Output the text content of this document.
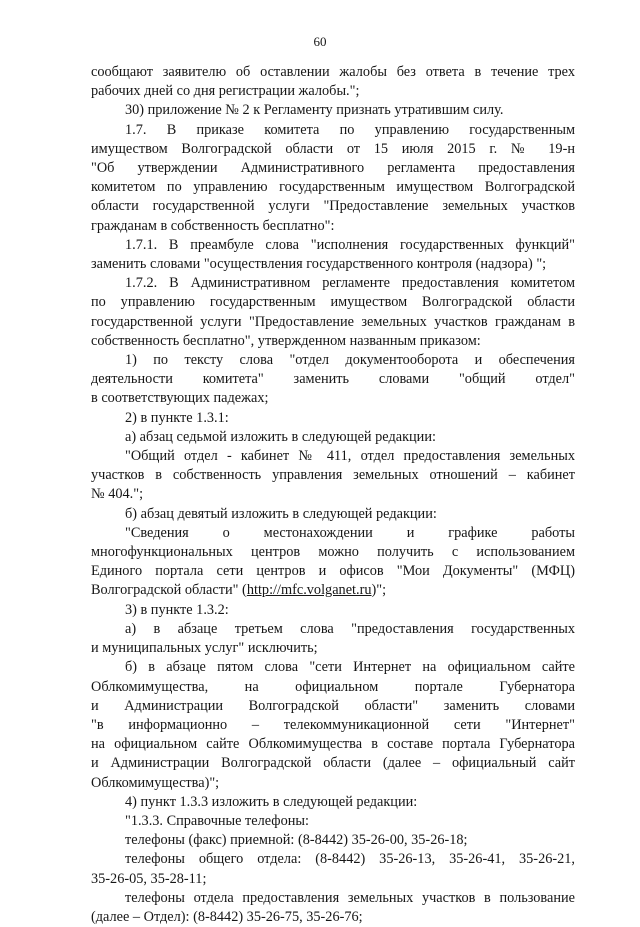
60
сообщают заявителю об оставлении жалобы без ответа в течение трех
рабочих дней со дня регистрации жалобы.";
30) приложение № 2 к Регламенту признать утратившим силу.
1.7. В приказе комитета по управлению государственным
имуществом Волгоградской области от 15 июля 2015 г. № 19-н
"Об утверждении Административного регламента предоставления
комитетом по управлению государственным имуществом Волгоградской
области государственной услуги "Предоставление земельных участков
гражданам в собственность бесплатно":
1.7.1. В преамбуле слова "исполнения государственных функций"
заменить словами "осуществления государственного контроля (надзора) ";
1.7.2. В Административном регламенте предоставления комитетом
по управлению государственным имуществом Волгоградской области
государственной услуги "Предоставление земельных участков гражданам в
собственность бесплатно", утвержденном названным приказом:
1) по тексту слова "отдел документооборота и обеспечения
деятельности комитета" заменить словами "общий отдел"
в соответствующих падежах;
2) в пункте 1.3.1:
а) абзац седьмой изложить в следующей редакции:
"Общий отдел - кабинет № 411, отдел предоставления земельных
участков в собственность управления земельных отношений – кабинет
№ 404.";
б) абзац девятый изложить в следующей редакции:
"Сведения о местонахождении и графике работы
многофункциональных центров можно получить с использованием
Единого портала сети центров и офисов "Мои Документы" (МФЦ)
Волгоградской области" (http://mfc.volganet.ru)";
3) в пункте 1.3.2:
а) в абзаце третьем слова "предоставления государственных
и муниципальных услуг" исключить;
б) в абзаце пятом слова "сети Интернет на официальном сайте
Облкомимущества, на официальном портале Губернатора
и Администрации Волгоградской области" заменить словами
"в информационно – телекоммуникационной сети "Интернет"
на официальном сайте Облкомимущества в составе портала Губернатора
и Администрации Волгоградской области (далее – официальный сайт
Облкомимущества)";
4) пункт 1.3.3 изложить в следующей редакции:
"1.3.3. Справочные телефоны:
телефоны (факс) приемной: (8-8442) 35-26-00, 35-26-18;
телефоны общего отдела: (8-8442) 35-26-13, 35-26-41, 35-26-21,
35-26-05, 35-28-11;
телефоны отдела предоставления земельных участков в пользование
(далее – Отдел): (8-8442) 35-26-75, 35-26-76;
